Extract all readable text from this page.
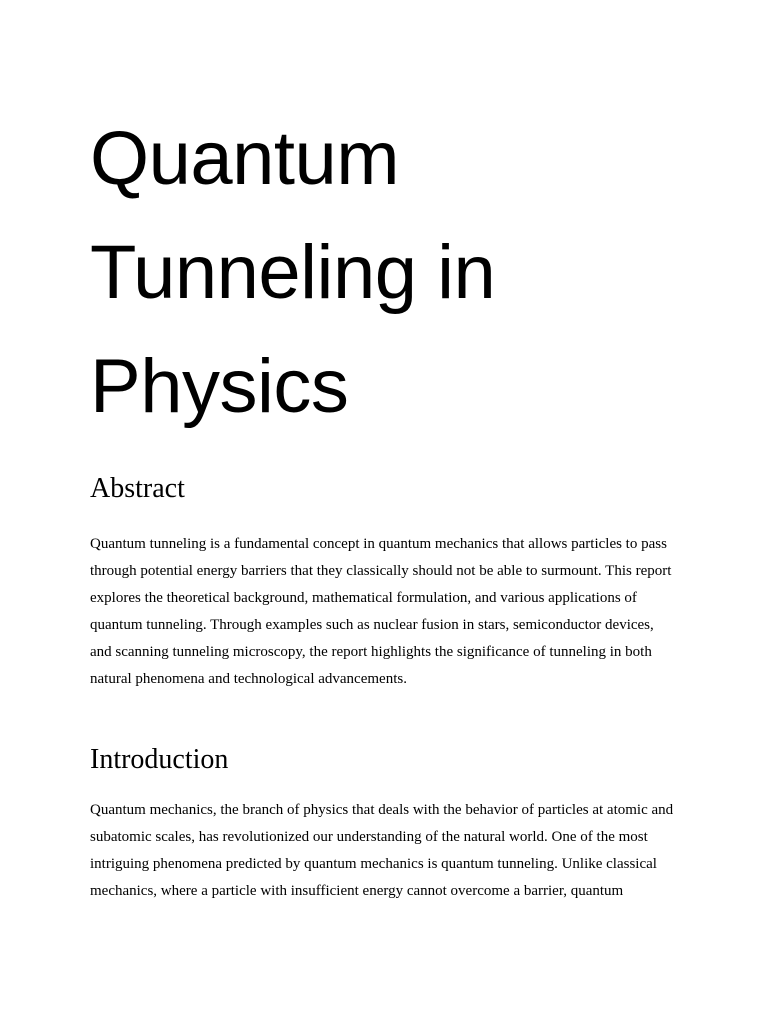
Quantum
Tunneling in
Physics
Abstract
Quantum tunneling is a fundamental concept in quantum mechanics that allows particles to pass
through potential energy barriers that they classically should not be able to surmount. This report
explores the theoretical background, mathematical formulation, and various applications of
quantum tunneling. Through examples such as nuclear fusion in stars, semiconductor devices,
and scanning tunneling microscopy, the report highlights the significance of tunneling in both
natural phenomena and technological advancements.
Introduction
Quantum mechanics, the branch of physics that deals with the behavior of particles at atomic and
subatomic scales, has revolutionized our understanding of the natural world. One of the most
intriguing phenomena predicted by quantum mechanics is quantum tunneling. Unlike classical
mechanics, where a particle with insufficient energy cannot overcome a barrier, quantum
